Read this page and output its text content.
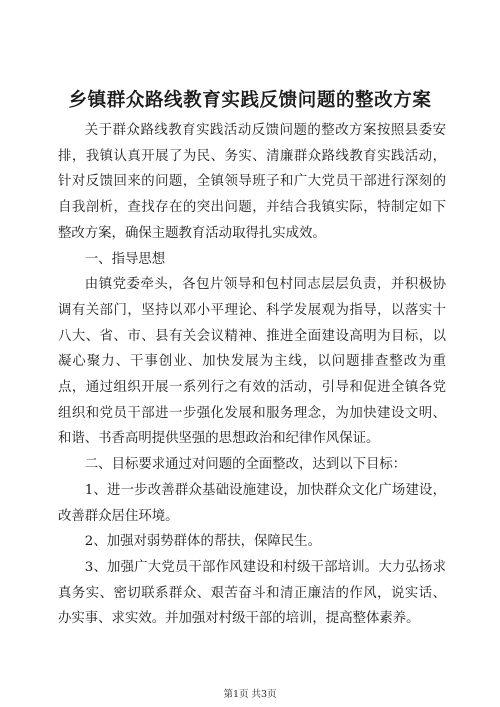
乡镇群众路线教育实践反馈问题的整改方案

关于群众路线教育实践活动反馈问题的整改方案按照县委安排，我镇认真开展了为民、务实、清廉群众路线教育实践活动，针对反馈回来的问题，全镇领导班子和广大党员干部进行深刻的自我剖析，查找存在的突出问题，并结合我镇实际，特制定如下整改方案，确保主题教育活动取得扎实成效。

一、指导思想

由镇党委牵头，各包片领导和包村同志层层负责，并积极协调有关部门，坚持以邓小平理论、科学发展观为指导，以落实十八大、省、市、县有关会议精神、推进全面建设高明为目标，以凝心聚力、干事创业、加快发展为主线，以问题排查整改为重点，通过组织开展一系列行之有效的活动，引导和促进全镇各党组织和党员干部进一步强化发展和服务理念，为加快建设文明、和谐、书香高明提供坚强的思想政治和纪律作风保证。

二、目标要求通过对问题的全面整改，达到以下目标：

1、进一步改善群众基础设施建设，加快群众文化广场建设，改善群众居住环境。

2、加强对弱势群体的帮扶，保障民生。

3、加强广大党员干部作风建设和村级干部培训。大力弘扬求真务实、密切联系群众、艰苦奋斗和清正廉洁的作风，说实话、办实事、求实效。并加强对村级干部的培训，提高整体素养。

第1页 共3页
